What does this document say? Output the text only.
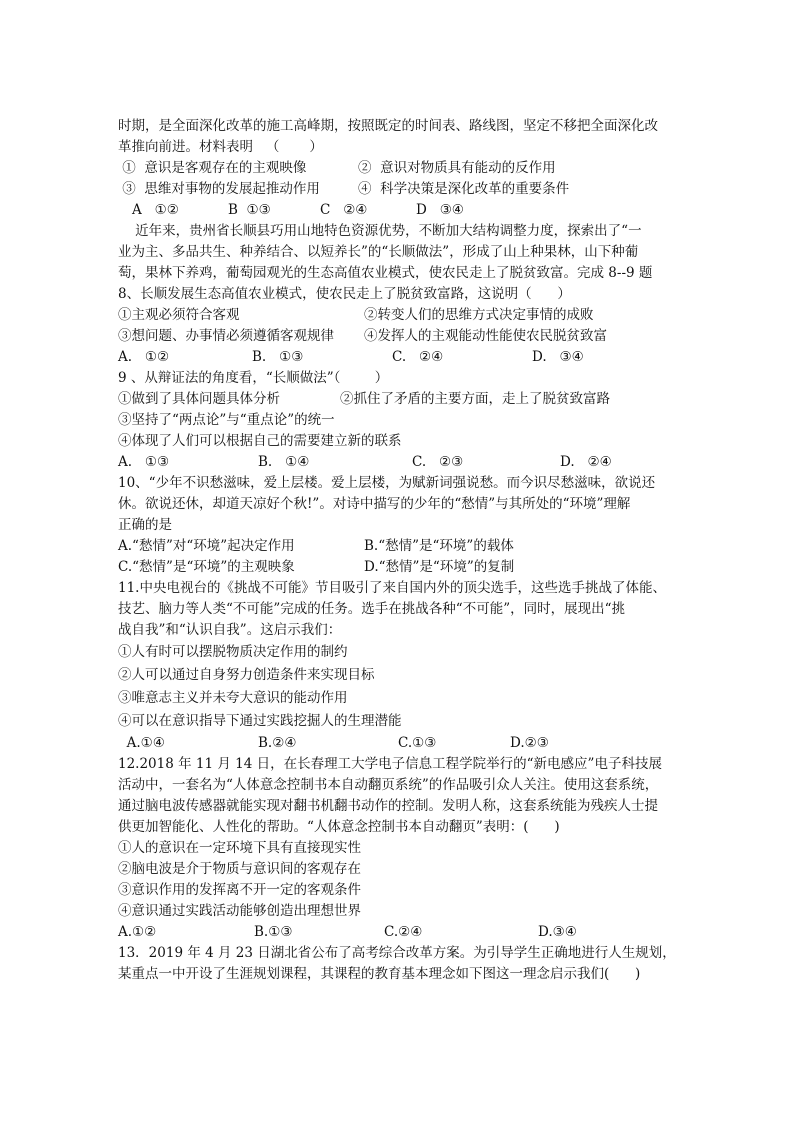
时期，是全面深化改革的施工高峰期，按照既定的时间表、路线图，坚定不移把全面深化改
革推向前进。材料表明   （       ）
①  意识是客观存在的主观映像	②  意识对物质具有能动的反作用
③  思维对事物的发展起推动作用	④  科学决策是深化改革的重要条件
A   ①②	B  ①③	C   ②④	D   ③④
近年来，贵州省长顺县巧用山地特色资源优势，不断加大结构调整力度，探索出了“一
业为主、多品共生、种养结合、以短养长”的“长顺做法”，形成了山上种果林，山下种葡
萄，果林下养鸡，葡萄园观光的生态高值农业模式，使农民走上了脱贫致富。完成 8--9 题
8、长顺发展生态高值农业模式，使农民走上了脱贫致富路，这说明（      ）
①主观必须符合客观	②转变人们的思维方式决定事情的成败
③想问题、办事情必须遵循客观规律	④发挥人的主观能动性能使农民脱贫致富
A.   ①②	B.   ①③	C.   ②④	D.   ③④
9 、从辩证法的角度看，“长顺做法”（        ）
①做到了具体问题具体分析	②抓住了矛盾的主要方面，走上了脱贫致富路
③坚持了“两点论”与“重点论”的统一
④体现了人们可以根据自己的需要建立新的联系
A.   ①③	B.   ①④	C.   ②③	D.   ②④
10、“少年不识愁滋味，爱上层楼。爱上层楼，为赋新词强说愁。而今识尽愁滋味，欲说还
休。欲说还休，却道天凉好个秋!”。对诗中描写的少年的“愁情”与其所处的“环境”理解
正确的是
A.“愁情”对“环境”起决定作用	B.“愁情”是“环境”的载体
C.“愁情”是“环境”的主观映象	D.“愁情”是“环境”的复制
11.中央电视台的《挑战不可能》节目吸引了来自国内外的顶尖选手，这些选手挑战了体能、
技艺、脑力等人类“不可能”完成的任务。选手在挑战各种“不可能”，同时，展现出“挑
战自我”和“认识自我”。这启示我们：
①人有时可以摆脱物质决定作用的制约
②人可以通过自身努力创造条件来实现目标
③唯意志主义并未夸大意识的能动作用
④可以在意识指导下通过实践挖掘人的生理潜能
A.①④	B.②④	C.①③	D.②③
12.2018 年 11 月 14 日，在长春理工大学电子信息工程学院举行的“新电感应”电子科技展
活动中，一套名为“人体意念控制书本自动翻页系统”的作品吸引众人关注。使用这套系统，
通过脑电波传感器就能实现对翻书机翻书动作的控制。发明人称，这套系统能为残疾人士提
供更加智能化、人性化的帮助。“人体意念控制书本自动翻页”表明：(      )
①人的意识在一定环境下具有直接现实性
②脑电波是介于物质与意识间的客观存在
③意识作用的发挥离不开一定的客观条件
④意识通过实践活动能够创造出理想世界
A.①②	B.①③	C.②④	D.③④
13．2019 年 4 月 23 日湖北省公布了高考综合改革方案。为引导学生正确地进行人生规划，
某重点一中开设了生涯规划课程，其课程的教育基本理念如下图这一理念启示我们(      )
